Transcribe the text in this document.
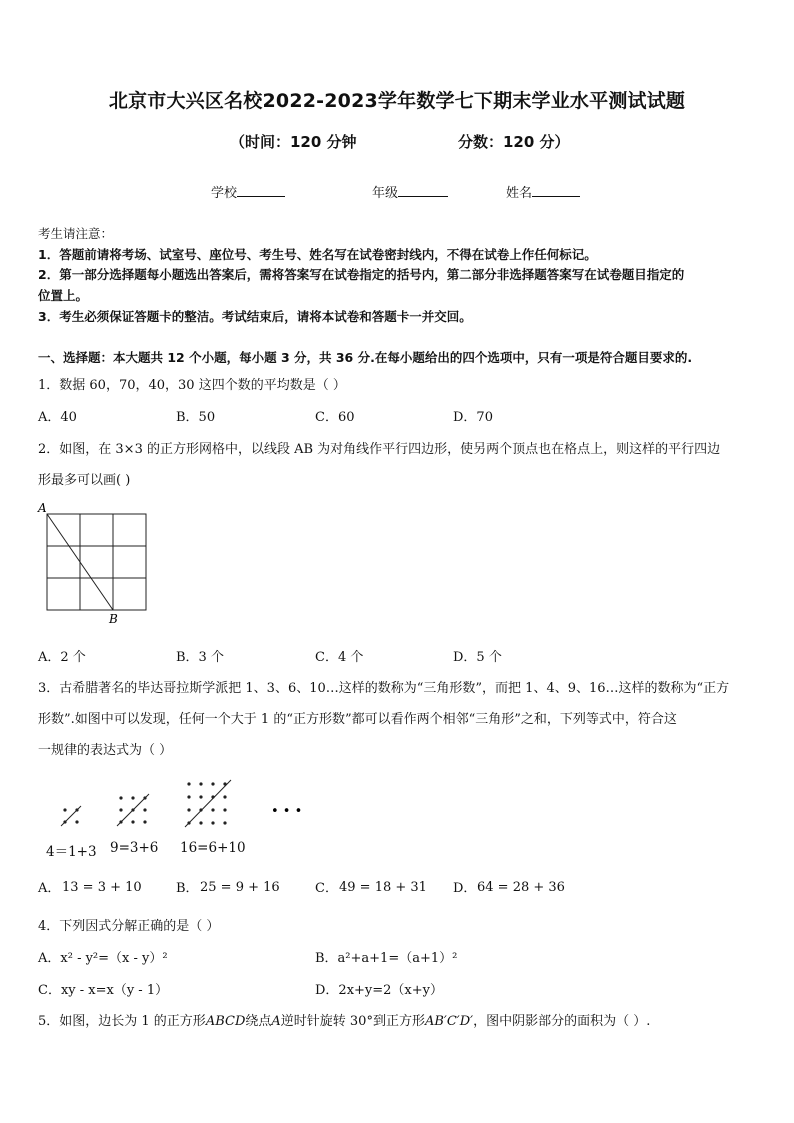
北京市大兴区名校2022-2023学年数学七下期末学业水平测试试题
（时间：120 分钟	分数：120 分）
学校	年级	姓名
考生请注意：
1．答题前请将考场、试室号、座位号、考生号、姓名写在试卷密封线内，不得在试卷上作任何标记。
2．第一部分选择题每小题选出答案后，需将答案写在试卷指定的括号内，第二部分非选择题答案写在试卷题目指定的
位置上。
3．考生必须保证答题卡的整洁。考试结束后，请将本试卷和答题卡一并交回。
一、选择题：本大题共 12 个小题，每小题 3 分，共 36 分.在每小题给出的四个选项中，只有一项是符合题目要求的.
1．数据 60，70，40，30 这四个数的平均数是（ ）
A．40	B．50	C．60	D．70
2．如图，在 3×3 的正方形网格中，以线段 AB 为对角线作平行四边形，使另两个顶点也在格点上，则这样的平行四边
形最多可以画( )
A
B
A．2 个	B．3 个	C．4 个	D．5 个
3．古希腊著名的毕达哥拉斯学派把 1、3、6、10…这样的数称为“三角形数”，而把 1、4、9、16…这样的数称为“正方
形数”.如图中可以发现，任何一个大于 1 的“正方形数”都可以看作两个相邻“三角形”之和，下列等式中，符合这
一规律的表达式为（ ）
• • •
4＝1+3 9=3+6 16=6+10
A． 13 = 3 + 10	B． 25 = 9 + 16	C． 49 = 18 + 31 D． 64 = 28 + 36
4．下列因式分解正确的是（ ）
A．x² - y²=（x - y）²	B．a²+a+1=（a+1）²
C．xy - x=x（y - 1）	D．2x+y=2（x+y）
5．如图，边长为 1 的正方形ABCD绕点A逆时针旋转 30°到正方形AB′C′D′，图中阴影部分的面积为（ ）.
